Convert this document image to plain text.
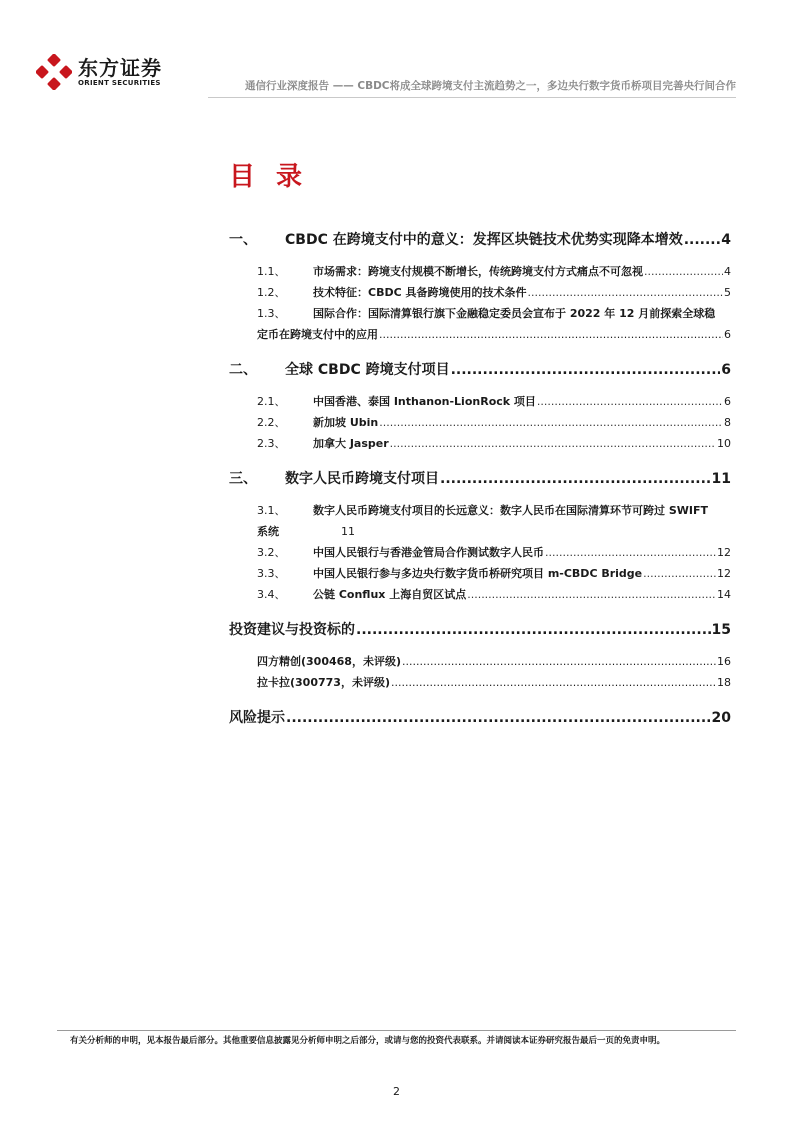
东方证券
ORIENT SECURITIES	通信行业深度报告 —— CBDC将成全球跨境支付主流趋势之一，多边央行数字货币桥项目完善央行间合作
目 录
一、	CBDC 在跨境支付中的意义：发挥区块链技术优势实现降本增效 .....	4
1.1、	市场需求：跨境支付规模不断增长，传统跨境支付方式痛点不可忽视 .....	4
1.2、	技术特征：CBDC 具备跨境使用的技术条件 .....	5
1.3、	国际合作：国际清算银行旗下金融稳定委员会宣布于 2022 年 12 月前探索全球稳
定币在跨境支付中的应用 .....	6
二、	全球 CBDC 跨境支付项目 .....	6
2.1、	中国香港、泰国 Inthanon-LionRock 项目 .....	6
2.2、	新加坡 Ubin .....	8
2.3、	加拿大 Jasper .....	10
三、	数字人民币跨境支付项目 .....	11
3.1、	数字人民币跨境支付项目的长远意义：数字人民币在国际清算环节可跨过 SWIFT
系统	11
3.2、	中国人民银行与香港金管局合作测试数字人民币 .....	12
3.3、	中国人民银行参与多边央行数字货币桥研究项目 m-CBDC Bridge .....	12
3.4、	公链 Conflux 上海自贸区试点 .....	14
投资建议与投资标的 .....	15
四方精创(300468，未评级) .....	16
拉卡拉(300773，未评级) .....	18
风险提示 .....	20
有关分析师的申明，见本报告最后部分。其他重要信息披露见分析师申明之后部分，或请与您的投资代表联系。并请阅读本证券研究报告最后一页的免责申明。
2
